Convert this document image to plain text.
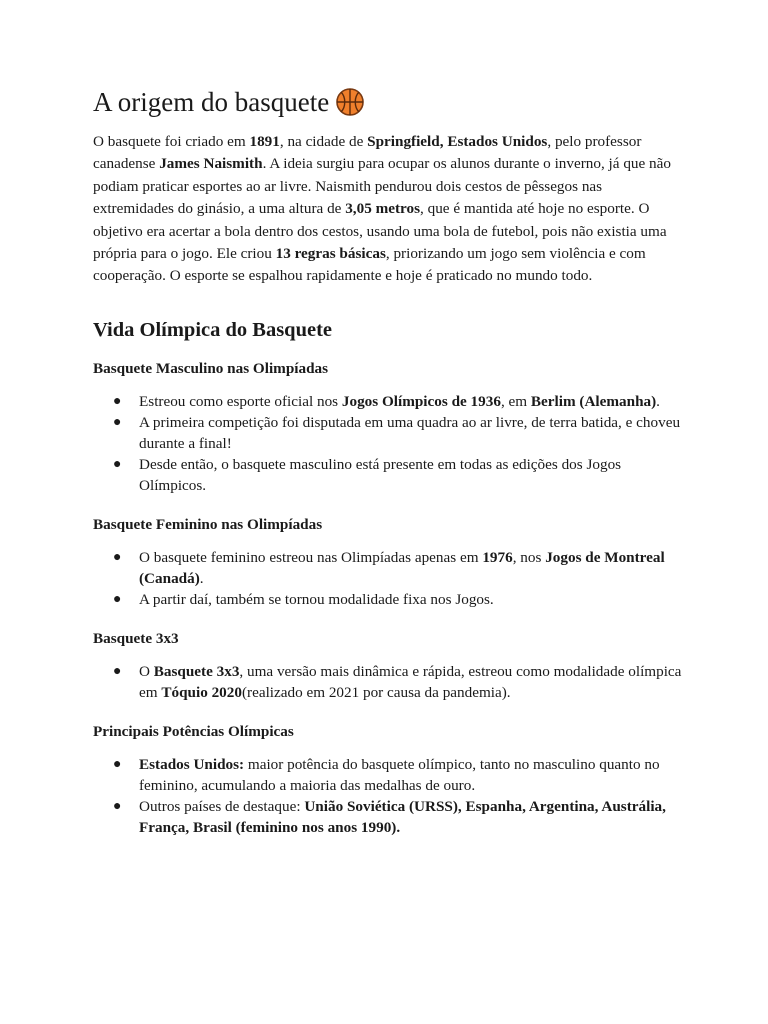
A origem do basquete

O basquete foi criado em 1891, na cidade de Springfield, Estados Unidos, pelo professor canadense James Naismith. A ideia surgiu para ocupar os alunos durante o inverno, já que não podiam praticar esportes ao ar livre. Naismith pendurou dois cestos de pêssegos nas extremidades do ginásio, a uma altura de 3,05 metros, que é mantida até hoje no esporte. O objetivo era acertar a bola dentro dos cestos, usando uma bola de futebol, pois não existia uma própria para o jogo. Ele criou 13 regras básicas, priorizando um jogo sem violência e com cooperação. O esporte se espalhou rapidamente e hoje é praticado no mundo todo.

Vida Olímpica do Basquete
Basquete Masculino nas Olimpíadas
● Estreou como esporte oficial nos Jogos Olímpicos de 1936, em Berlim (Alemanha).
● A primeira competição foi disputada em uma quadra ao ar livre, de terra batida, e choveu durante a final!
● Desde então, o basquete masculino está presente em todas as edições dos Jogos Olímpicos.
Basquete Feminino nas Olimpíadas
● O basquete feminino estreou nas Olimpíadas apenas em 1976, nos Jogos de Montreal (Canadá).
● A partir daí, também se tornou modalidade fixa nos Jogos.
Basquete 3x3
● O Basquete 3x3, uma versão mais dinâmica e rápida, estreou como modalidade olímpica em Tóquio 2020(realizado em 2021 por causa da pandemia).
Principais Potências Olímpicas
● Estados Unidos: maior potência do basquete olímpico, tanto no masculino quanto no feminino, acumulando a maioria das medalhas de ouro.
● Outros países de destaque: União Soviética (URSS), Espanha, Argentina, Austrália, França, Brasil (feminino nos anos 1990).
